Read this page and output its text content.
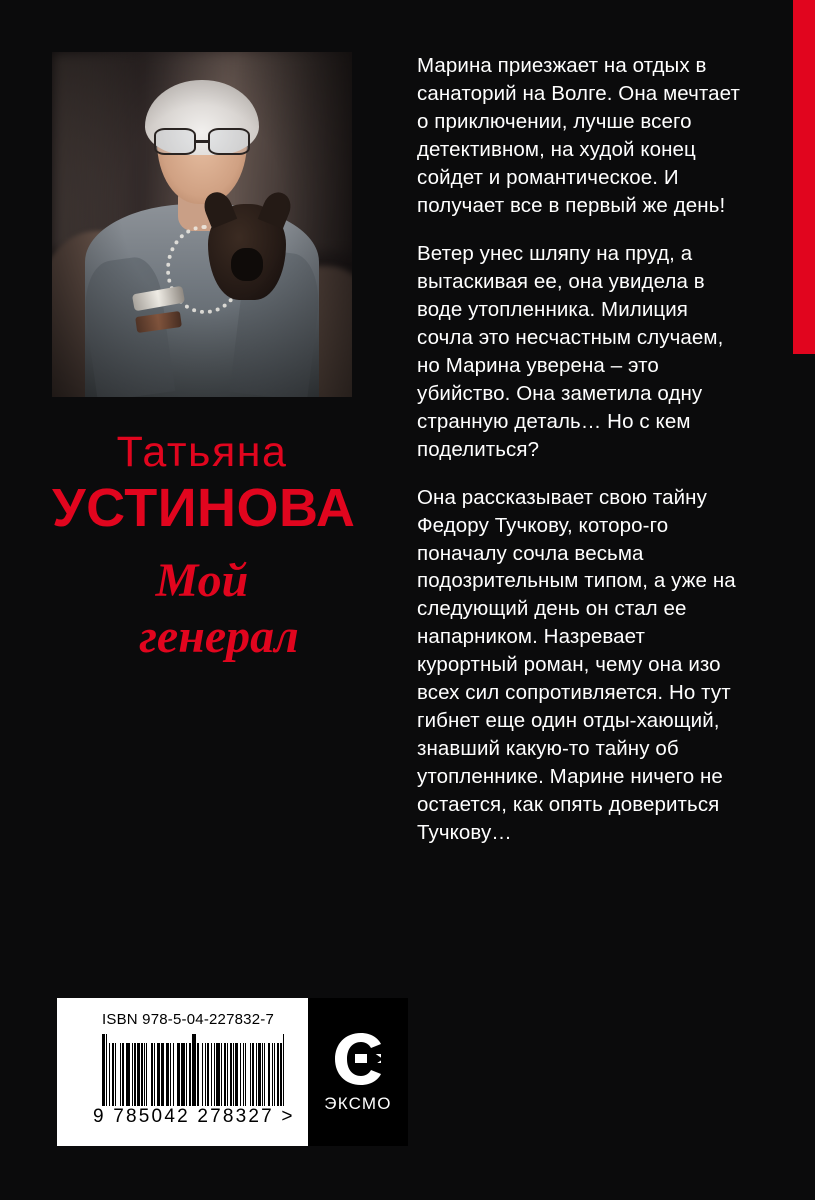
Татьяна
УСТИНОВА
Мой
генерал

Марина приезжает на отдых в санаторий на Волге. Она мечтает о приключении, лучше всего детективном, на худой конец сойдет и романтическое. И получает все в первый же день!

Ветер унес шляпу на пруд, а вытаскивая ее, она увидела в воде утопленника. Милиция сочла это несчастным случаем, но Марина уверена – это убийство. Она заметила одну странную деталь… Но с кем поделиться?

Она рассказывает свою тайну Федору Тучкову, которо-го поначалу сочла весьма подозрительным типом, а уже на следующий день он стал ее напарником. Назревает курортный роман, чему она изо всех сил сопротивляется. Но тут гибнет еще один отды-хающий, знавший какую-то тайну об утопленнике. Марине ничего не остается, как опять довериться Тучкову…

ISBN 978-5-04-227832-7
9 785042 278327 >
ЭКСМО
